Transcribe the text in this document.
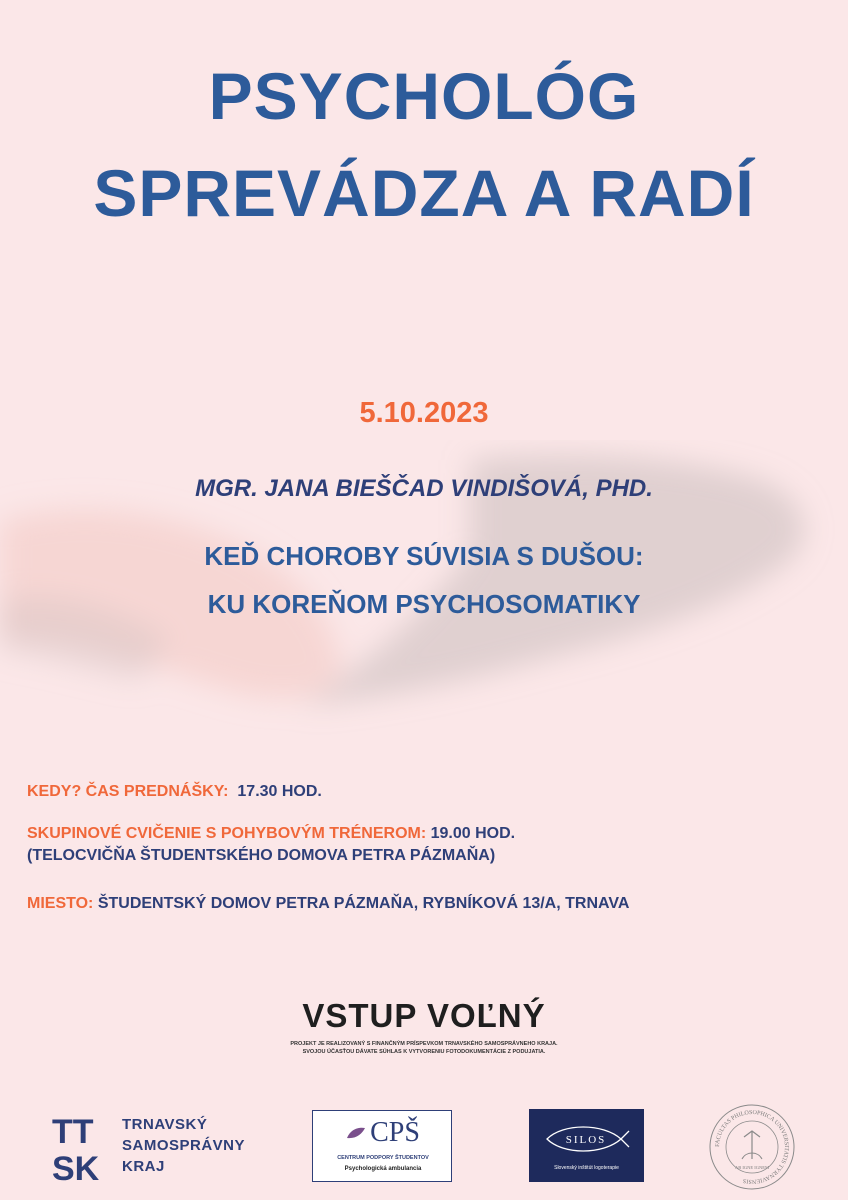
PSYCHOLÓG
SPREVÁDZA A RADÍ
5.10.2023
MGR. JANA BIEŠČAD VINDIŠOVÁ, PHD.
KEĎ CHOROBY SÚVISIA S DUŠOU:
KU KOREŇOM PSYCHOSOMATIKY
KEDY? ČAS PREDNÁŠKY: 17.30 HOD.
SKUPINOVÉ CVIČENIE S POHYBOVÝM TRÉNEROM: 19.00 HOD.
(TELOCVIČŇA ŠTUDENTSKÉHO DOMOVA PETRA PÁZMAŇA)
MIESTO: ŠTUDENTSKÝ DOMOV PETRA PÁZMAŇA, RYBNÍKOVÁ 13/A, TRNAVA
VSTUP VOĽNÝ
PROJEKT JE REALIZOVANÝ S FINANČNÝM PRÍSPEVKOM TRNAVSKÉHO SAMOSPRÁVNEHO KRAJA.
SVOJOU ÚČASŤOU DÁVATE SÚHLAS K VYTVORENIU FOTODOKUMENTÁCIE Z PODUJATIA.
TT
SK
TRNAVSKÝ
SAMOSPRÁVNY
KRAJ
CPŠ
CENTRUM PODPORY ŠTUDENTOV
Psychologická ambulancia
SILOS
Slovenský inštitút logoterapie
FACULTAS PHILOSOPHICA UNIVERSITATIS TYRNAVIENSIS
AB IGNE IGNEM
